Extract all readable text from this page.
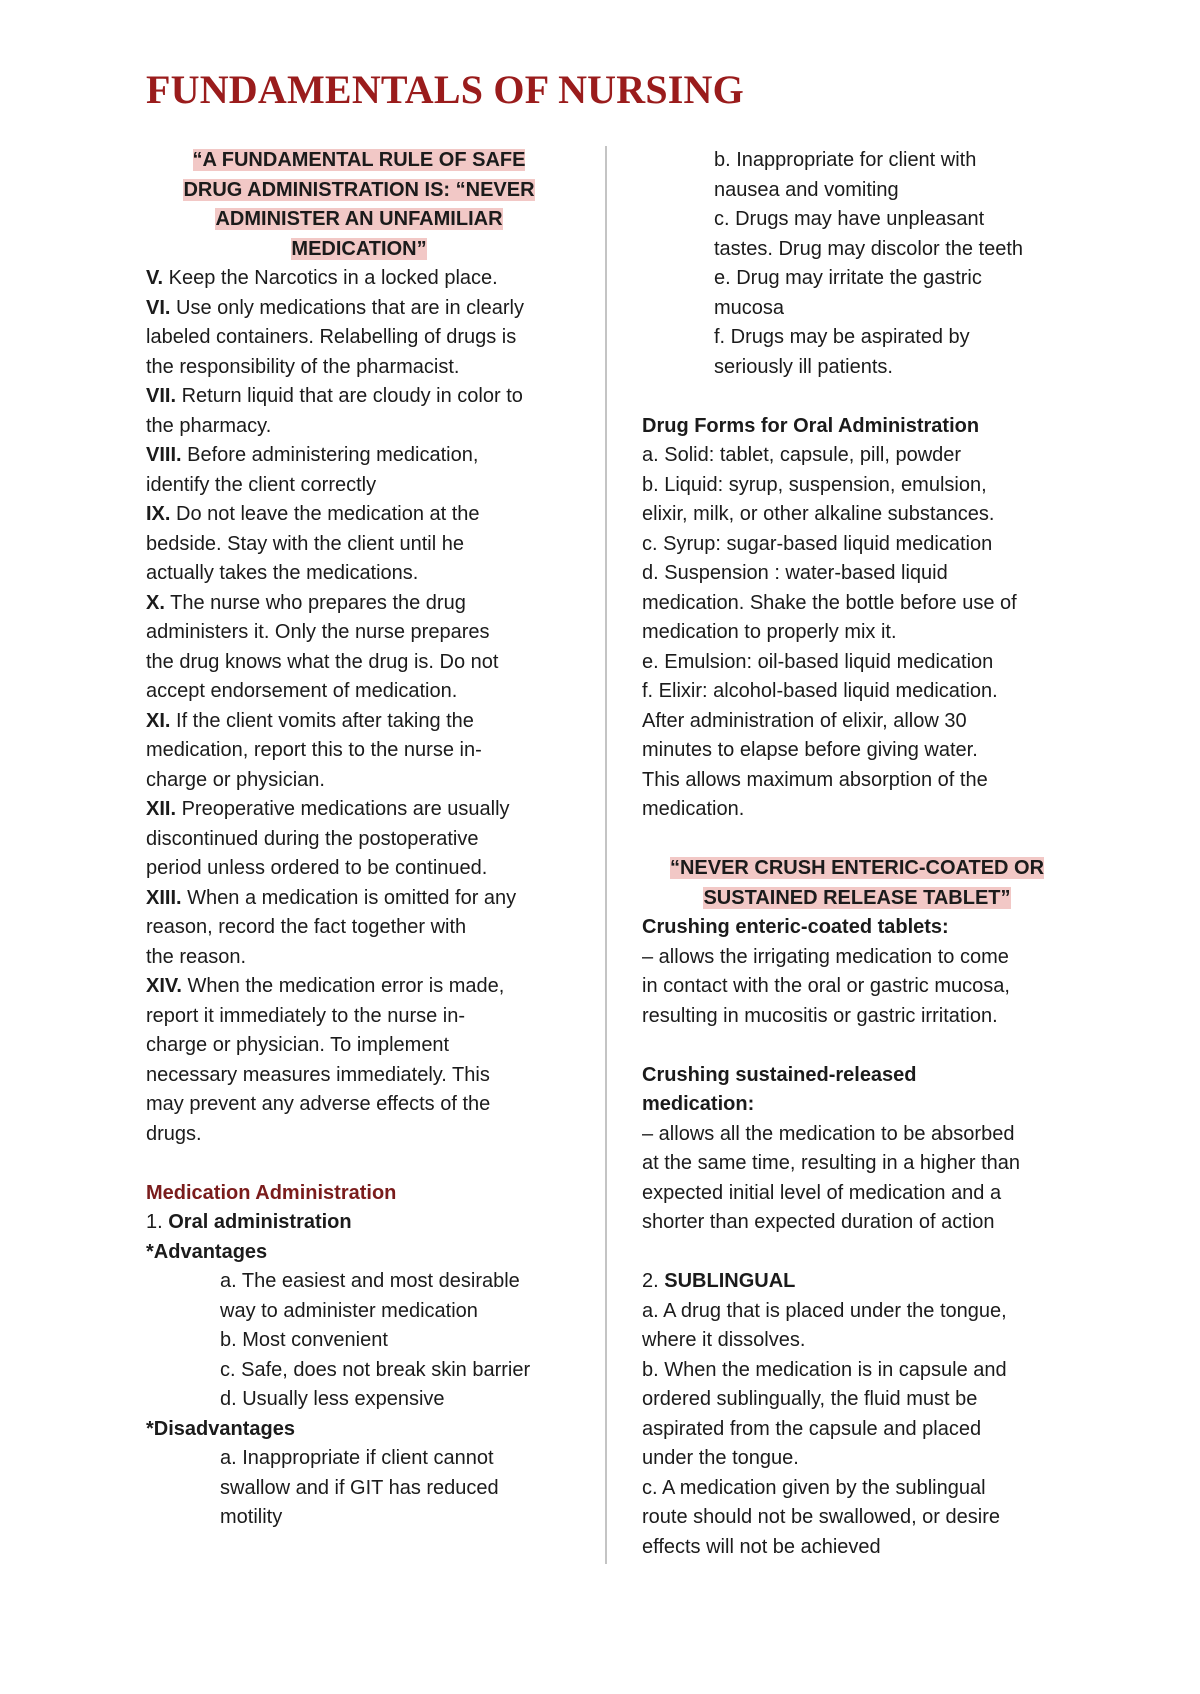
FUNDAMENTALS OF NURSING
“A FUNDAMENTAL RULE OF SAFE
DRUG ADMINISTRATION IS: “NEVER
ADMINISTER AN UNFAMILIAR
MEDICATION”
V. Keep the Narcotics in a locked place.
VI. Use only medications that are in clearly
labeled containers. Relabelling of drugs is
the responsibility of the pharmacist.
VII. Return liquid that are cloudy in color to
the pharmacy.
VIII. Before administering medication,
identify the client correctly
IX. Do not leave the medication at the
bedside. Stay with the client until he
actually takes the medications.
X. The nurse who prepares the drug
administers it. Only the nurse prepares
the drug knows what the drug is. Do not
accept endorsement of medication.
XI. If the client vomits after taking the
medication, report this to the nurse in-
charge or physician.
XII. Preoperative medications are usually
discontinued during the postoperative
period unless ordered to be continued.
XIII. When a medication is omitted for any
reason, record the fact together with
the reason.
XIV. When the medication error is made,
report it immediately to the nurse in-
charge or physician. To implement
necessary measures immediately. This
may prevent any adverse effects of the
drugs.
Medication Administration
1. Oral administration
*Advantages
a. The easiest and most desirable
way to administer medication
b. Most convenient
c. Safe, does not break skin barrier
d. Usually less expensive
*Disadvantages
a. Inappropriate if client cannot
swallow and if GIT has reduced
motility
b. Inappropriate for client with
nausea and vomiting
c. Drugs may have unpleasant
tastes. Drug may discolor the teeth
e. Drug may irritate the gastric
mucosa
f. Drugs may be aspirated by
seriously ill patients.
Drug Forms for Oral Administration
a. Solid: tablet, capsule, pill, powder
b. Liquid: syrup, suspension, emulsion,
elixir, milk, or other alkaline substances.
c. Syrup: sugar-based liquid medication
d. Suspension : water-based liquid
medication. Shake the bottle before use of
medication to properly mix it.
e. Emulsion: oil-based liquid medication
f. Elixir: alcohol-based liquid medication.
After administration of elixir, allow 30
minutes to elapse before giving water.
This allows maximum absorption of the
medication.
“NEVER CRUSH ENTERIC-COATED OR
SUSTAINED RELEASE TABLET”
Crushing enteric-coated tablets:
– allows the irrigating medication to come
in contact with the oral or gastric mucosa,
resulting in mucositis or gastric irritation.
Crushing sustained-released
medication:
– allows all the medication to be absorbed
at the same time, resulting in a higher than
expected initial level of medication and a
shorter than expected duration of action
2. SUBLINGUAL
a. A drug that is placed under the tongue,
where it dissolves.
b. When the medication is in capsule and
ordered sublingually, the fluid must be
aspirated from the capsule and placed
under the tongue.
c. A medication given by the sublingual
route should not be swallowed, or desire
effects will not be achieved
